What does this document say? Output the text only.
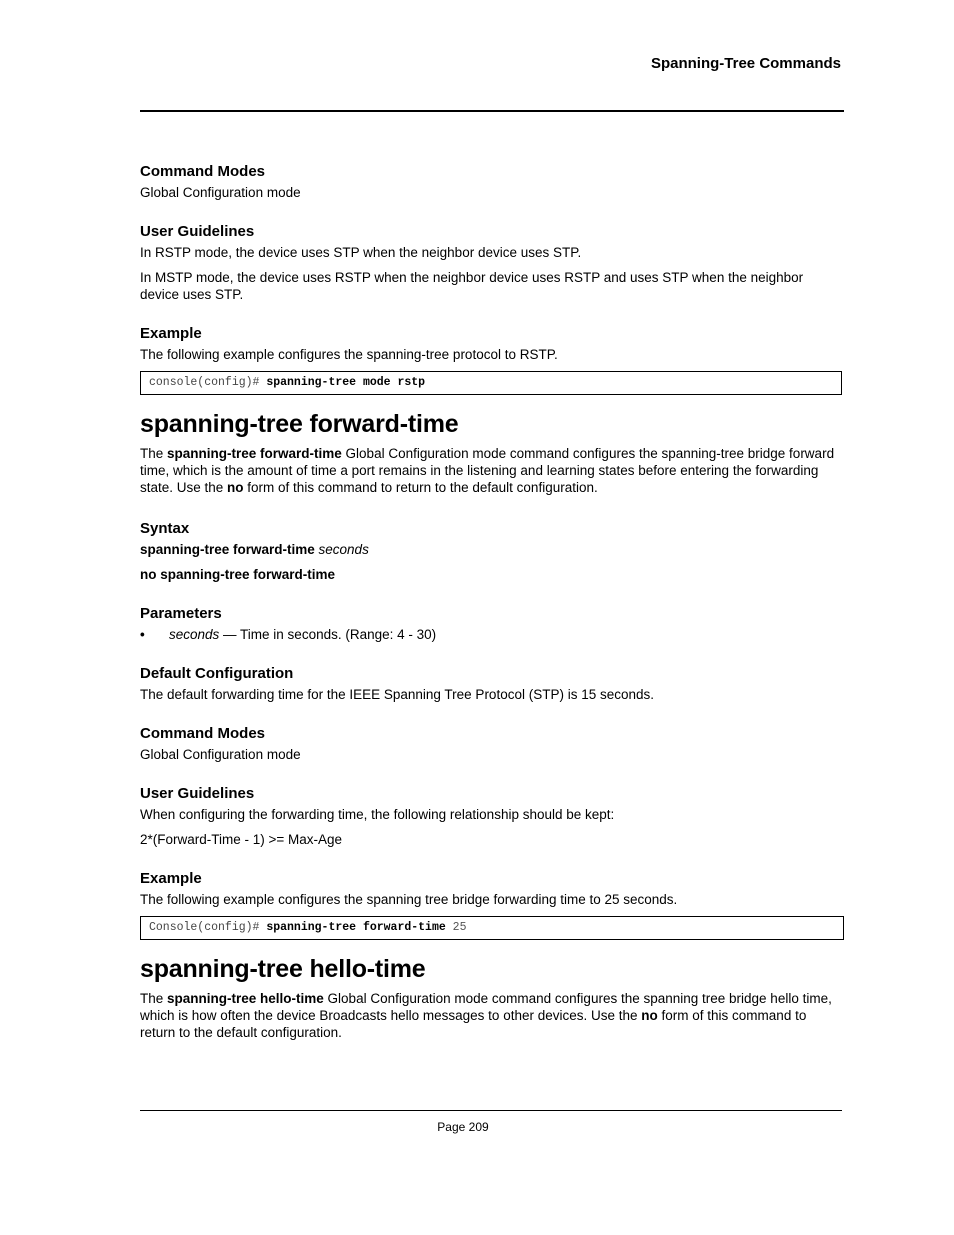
Spanning-Tree Commands
Command Modes

Global Configuration mode

User Guidelines

In RSTP mode, the device uses STP when the neighbor device uses STP.

In MSTP mode, the device uses RSTP when the neighbor device uses RSTP and uses STP when the neighbor device uses STP.

Example

The following example configures the spanning-tree protocol to RSTP.

console(config)# spanning-tree mode rstp
spanning-tree forward-time

The spanning-tree forward-time Global Configuration mode command configures the spanning-tree bridge forward time, which is the amount of time a port remains in the listening and learning states before entering the forwarding state. Use the no form of this command to return to the default configuration.

Syntax

spanning-tree forward-time seconds

no spanning-tree forward-time

Parameters

• seconds — Time in seconds. (Range: 4 - 30)

Default Configuration

The default forwarding time for the IEEE Spanning Tree Protocol (STP) is 15 seconds.

Command Modes

Global Configuration mode

User Guidelines

When configuring the forwarding time, the following relationship should be kept:

2*(Forward-Time - 1) >= Max-Age

Example

The following example configures the spanning tree bridge forwarding time to 25 seconds.

Console(config)# spanning-tree forward-time 25
spanning-tree hello-time

The spanning-tree hello-time Global Configuration mode command configures the spanning tree bridge hello time, which is how often the device Broadcasts hello messages to other devices. Use the no form of this command to return to the default configuration.

Page 209
